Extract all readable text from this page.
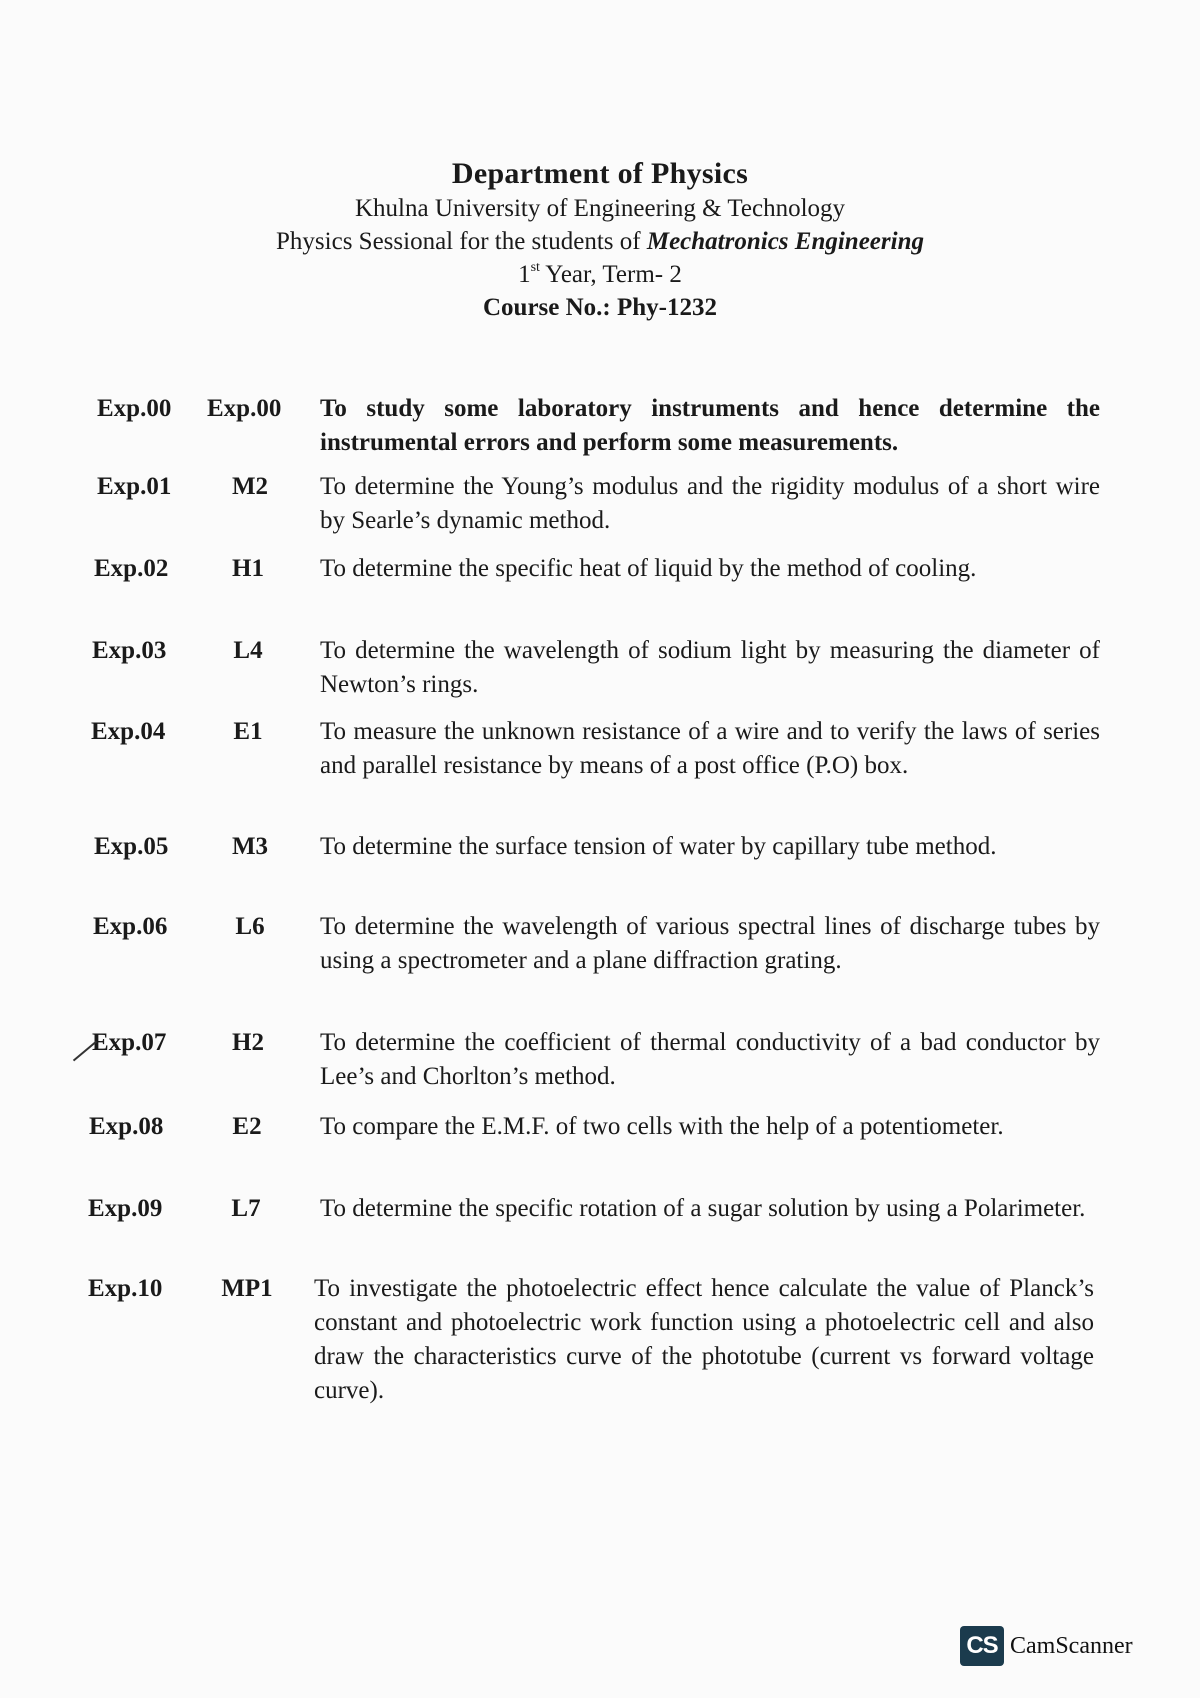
Department of Physics
Khulna University of Engineering & Technology
Physics Sessional for the students of Mechatronics Engineering
1st Year, Term- 2
Course No.: Phy-1232
Exp.00	Exp.00	To study some laboratory instruments and hence determine the instrumental errors and perform some measurements.
Exp.01	M2	To determine the Young’s modulus and the rigidity modulus of a short wire by Searle’s dynamic method.
Exp.02	H1	To determine the specific heat of liquid by the method of cooling.
Exp.03	L4	To determine the wavelength of sodium light by measuring the diameter of Newton’s rings.
Exp.04	E1	To measure the unknown resistance of a wire and to verify the laws of series and parallel resistance by means of a post office (P.O) box.
Exp.05	M3	To determine the surface tension of water by capillary tube method.
Exp.06	L6	To determine the wavelength of various spectral lines of discharge tubes by using a spectrometer and a plane diffraction grating.
Exp.07	H2	To determine the coefficient of thermal conductivity of a bad conductor by Lee’s and Chorlton’s method.
Exp.08	E2	To compare the E.M.F. of two cells with the help of a potentiometer.
Exp.09	L7	To determine the specific rotation of a sugar solution by using a Polarimeter.
Exp.10	MP1	To investigate the photoelectric effect hence calculate the value of Planck’s constant and photoelectric work function using a photoelectric cell and also draw the characteristics curve of the phototube (current vs forward voltage curve).
CS CamScanner
